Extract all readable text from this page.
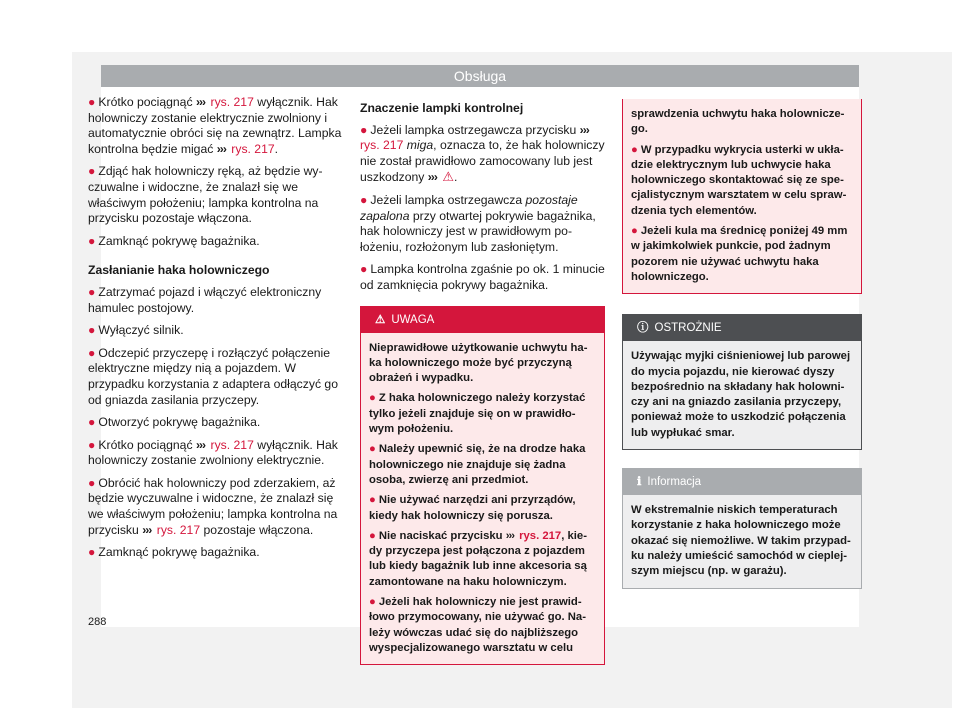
Obsługa

● Krótko pociągnąć ››› rys. 217 wyłącznik. Hak holowniczy zostanie elektrycznie zwolniony i automatycznie obróci się na zewnątrz. Lampka kontrolna będzie migać ››› rys. 217.

● Zdjąć hak holowniczy ręką, aż będzie wyczuwalne i widoczne, że znalazł się we właściwym położeniu; lampka kontrolna na przycisku pozostaje włączona.

● Zamknąć pokrywę bagażnika.

Zasłanianie haka holowniczego

● Zatrzymać pojazd i włączyć elektroniczny hamulec postojowy.

● Wyłączyć silnik.

● Odczepić przyczepę i rozłączyć połączenie elektryczne między nią a pojazdem. W przypadku korzystania z adaptera odłączyć go od gniazda zasilania przyczepy.

● Otworzyć pokrywę bagażnika.

● Krótko pociągnąć ››› rys. 217 wyłącznik. Hak holowniczy zostanie zwolniony elektrycznie.

● Obrócić hak holowniczy pod zderzakiem, aż będzie wyczuwalne i widoczne, że znalazł się we właściwym położeniu; lampka kontrolna na przycisku ››› rys. 217 pozostaje włączona.

● Zamknąć pokrywę bagażnika.

Znaczenie lampki kontrolnej

● Jeżeli lampka ostrzegawcza przycisku ››› rys. 217 miga, oznacza to, że hak holowniczy nie został prawidłowo zamocowany lub jest uszkodzony ››› ⚠.

● Jeżeli lampka ostrzegawcza pozostaje zapalona przy otwartej pokrywie bagażnika, hak holowniczy jest w prawidłowym położeniu, rozłożonym lub zasłoniętym.

● Lampka kontrolna zgaśnie po ok. 1 minucie od zamknięcia pokrywy bagażnika.

⚠ UWAGA

Nieprawidłowe użytkowanie uchwytu haka holowniczego może być przyczyną obrażeń i wypadku.

● Z haka holowniczego należy korzystać tylko jeżeli znajduje się on w prawidłowym położeniu.

● Należy upewnić się, że na drodze haka holowniczego nie znajduje się żadna osoba, zwierzę ani przedmiot.

● Nie używać narzędzi ani przyrządów, kiedy hak holowniczy się porusza.

● Nie naciskać przycisku ››› rys. 217, kiedy przyczepa jest połączona z pojazdem lub kiedy bagażnik lub inne akcesoria są zamontowane na haku holowniczym.

● Jeżeli hak holowniczy nie jest prawidłowo przymocowany, nie używać go. Należy wówczas udać się do najbliższego wyspecjalizowanego warsztatu w celu

sprawdzenia uchwytu haka holowniczego.

● W przypadku wykrycia usterki w układzie elektrycznym lub uchwycie haka holowniczego skontaktować się ze specjalistycznym warsztatem w celu sprawdzenia tych elementów.

● Jeżeli kula ma średnicę poniżej 49 mm w jakimkolwiek punkcie, pod żadnym pozorem nie używać uchwytu haka holowniczego.

ⓘ OSTROŻNIE

Używając myjki ciśnieniowej lub parowej do mycia pojazdu, nie kierować dyszy bezpośrednio na składany hak holowniczy ani na gniazdo zasilania przyczepy, ponieważ może to uszkodzić połączenia lub wypłukać smar.

ℹ Informacja

W ekstremalnie niskich temperaturach korzystanie z haka holowniczego może okazać się niemożliwe. W takim przypadku należy umieścić samochód w cieplejszym miejscu (np. w garażu).

288
